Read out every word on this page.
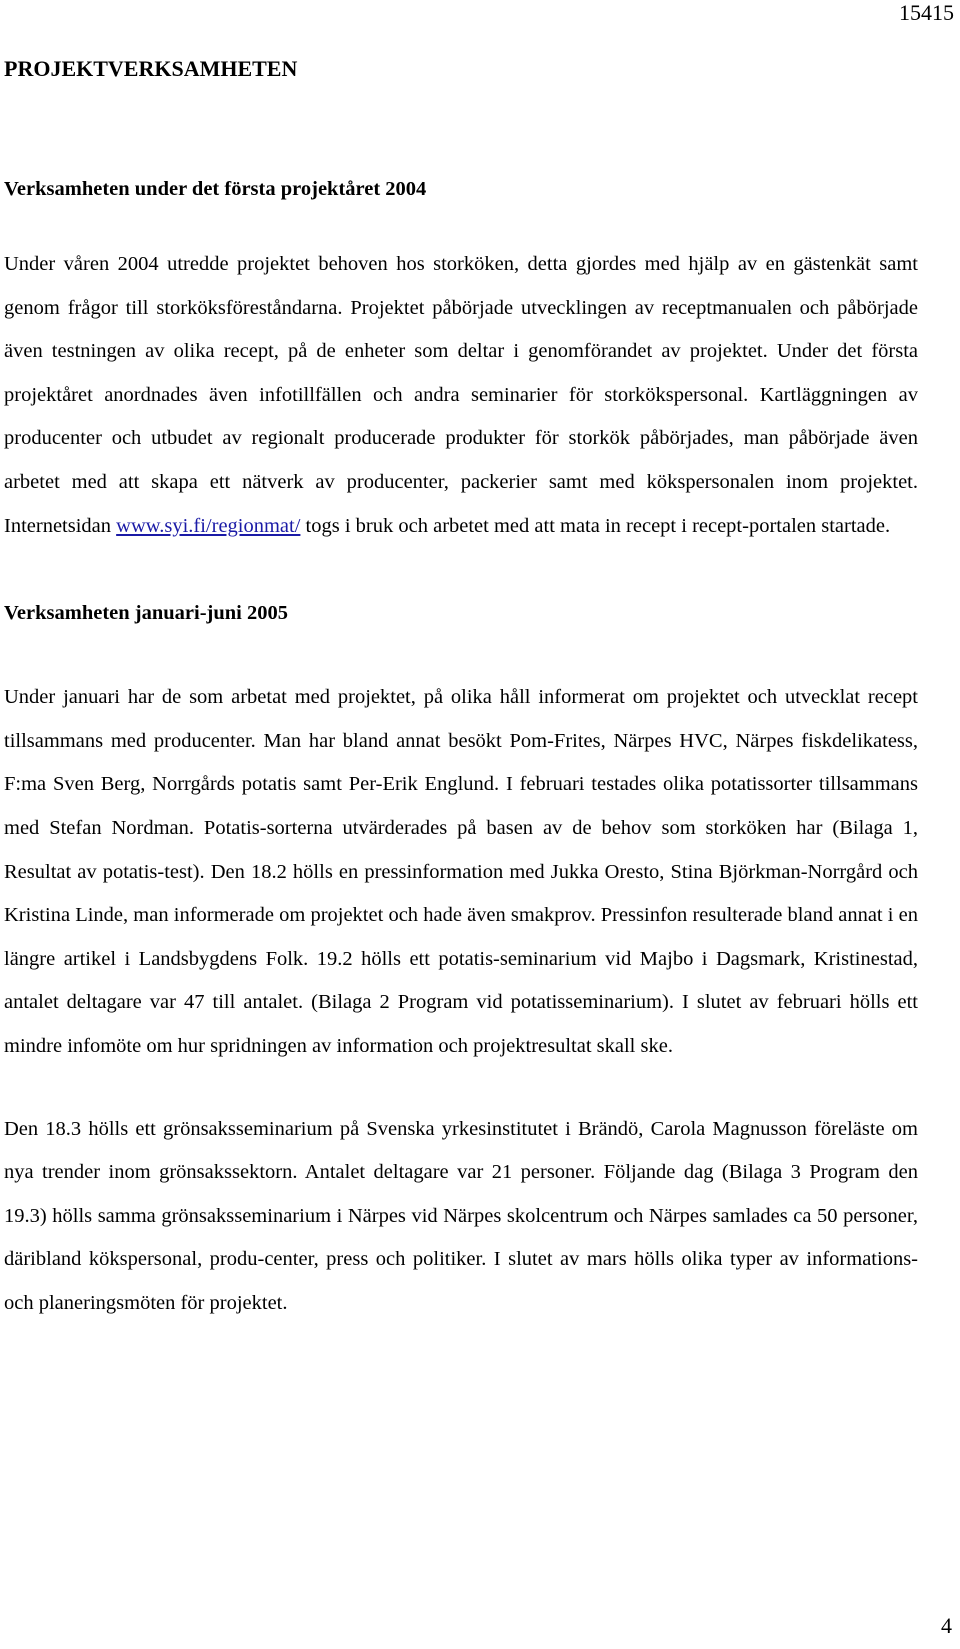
15415
PROJEKTVERKSAMHETEN
Verksamheten under det första projektåret 2004

Under våren 2004 utredde projektet behoven hos storköken, detta gjordes med hjälp av en gästenkät samt genom frågor till storköksföreståndarna. Projektet påbörjade utvecklingen av receptmanualen och påbörjade även testningen av olika recept, på de enheter som deltar i genomförandet av projektet. Under det första projektåret anordnades även infotillfällen och andra seminarier för storkökspersonal. Kartläggningen av producenter och utbudet av regionalt producerade produkter för storkök påbörjades, man påbörjade även arbetet med att skapa ett nätverk av producenter, packerier samt med kökspersonalen inom projektet. Internetsidan www.syi.fi/regionmat/ togs i bruk och arbetet med att mata in recept i recept-portalen startade.

Verksamheten januari-juni 2005

Under januari har de som arbetat med projektet, på olika håll informerat om projektet och utvecklat recept tillsammans med producenter. Man har bland annat besökt Pom-Frites, Närpes HVC, Närpes fiskdelikatess, F:ma Sven Berg, Norrgårds potatis samt Per-Erik Englund. I februari testades olika potatissorter tillsammans med Stefan Nordman. Potatis-sorterna utvärderades på basen av de behov som storköken har (Bilaga 1, Resultat av potatis-test). Den 18.2 hölls en pressinformation med Jukka Oresto, Stina Björkman-Norrgård och Kristina Linde, man informerade om projektet och hade även smakprov. Pressinfon resulterade bland annat i en längre artikel i Landsbygdens Folk. 19.2 hölls ett potatis-seminarium vid Majbo i Dagsmark, Kristinestad, antalet deltagare var 47 till antalet. (Bilaga 2 Program vid potatisseminarium). I slutet av februari hölls ett mindre infomöte om hur spridningen av information och projektresultat skall ske.

Den 18.3 hölls ett grönsaksseminarium på Svenska yrkesinstitutet i Brändö, Carola Magnusson föreläste om nya trender inom grönsakssektorn. Antalet deltagare var 21 personer. Följande dag (Bilaga 3 Program den 19.3) hölls samma grönsaksseminarium i Närpes vid Närpes skolcentrum och Närpes samlades ca 50 personer, däribland kökspersonal, produ-center, press och politiker. I slutet av mars hölls olika typer av informations- och planeringsmöten för projektet.

4
